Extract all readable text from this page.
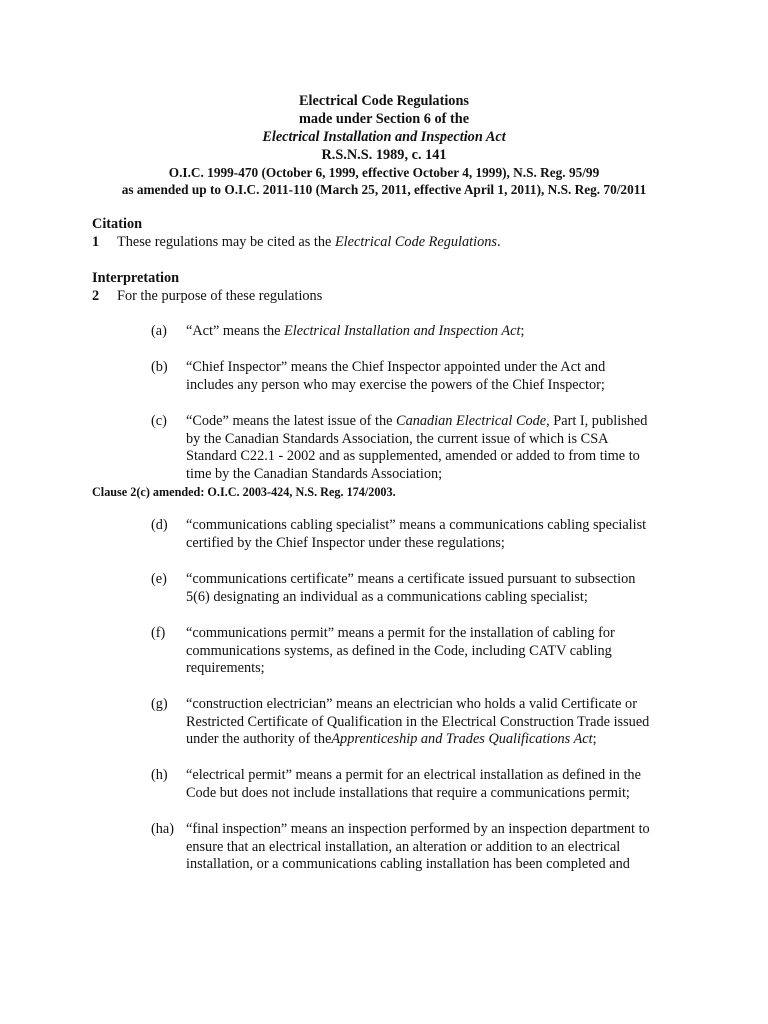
Electrical Code Regulations
made under Section 6 of the
Electrical Installation and Inspection Act
R.S.N.S. 1989, c. 141
O.I.C. 1999-470 (October 6, 1999, effective October 4, 1999), N.S. Reg. 95/99
as amended up to O.I.C. 2011-110 (March 25, 2011, effective April 1, 2011), N.S. Reg. 70/2011
Citation
1 These regulations may be cited as the Electrical Code Regulations.
Interpretation
2 For the purpose of these regulations
(a) “Act” means the Electrical Installation and Inspection Act;
(b) “Chief Inspector” means the Chief Inspector appointed under the Act and
includes any person who may exercise the powers of the Chief Inspector;
(c) “Code” means the latest issue of the Canadian Electrical Code, Part I, published
by the Canadian Standards Association, the current issue of which is CSA
Standard C22.1 - 2002 and as supplemented, amended or added to from time to
time by the Canadian Standards Association;
Clause 2(c) amended: O.I.C. 2003-424, N.S. Reg. 174/2003.
(d) “communications cabling specialist” means a communications cabling specialist
certified by the Chief Inspector under these regulations;
(e) “communications certificate” means a certificate issued pursuant to subsection
5(6) designating an individual as a communications cabling specialist;
(f) “communications permit” means a permit for the installation of cabling for
communications systems, as defined in the Code, including CATV cabling
requirements;
(g) “construction electrician” means an electrician who holds a valid Certificate or
Restricted Certificate of Qualification in the Electrical Construction Trade issued
under the authority of theApprenticeship and Trades Qualifications Act;
(h) “electrical permit” means a permit for an electrical installation as defined in the
Code but does not include installations that require a communications permit;
(ha) “final inspection” means an inspection performed by an inspection department to
ensure that an electrical installation, an alteration or addition to an electrical
installation, or a communications cabling installation has been completed and
